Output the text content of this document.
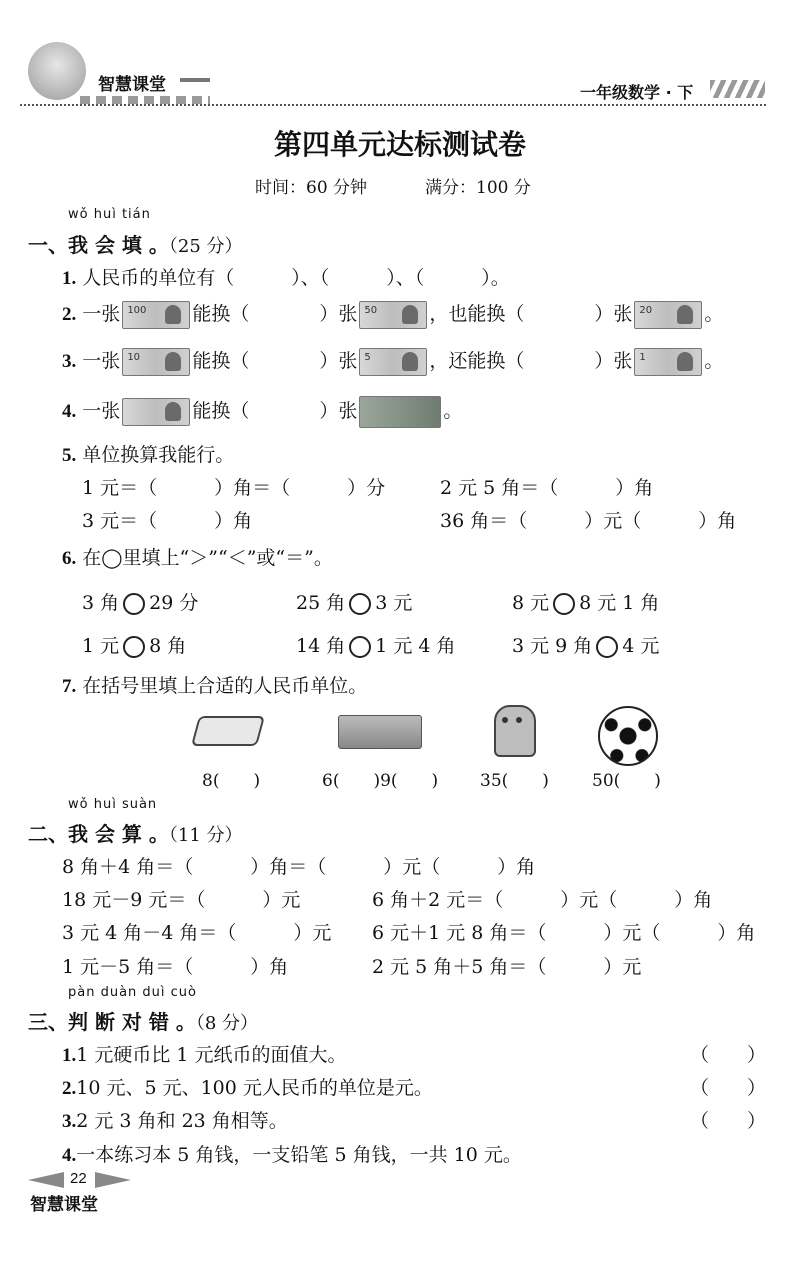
智慧课堂	一年级数学 · 下
第四单元达标测试卷
时间：60 分钟	满分：100 分
wǒ huì tián
一、我 会 填 。（25 分）
1. 人民币的单位有（　　　）、（　　　）、（　　　）。
2. 一张 100 能换（	）张 50	，也能换（	）张 20	。
3. 一张 10	能换（	）张 5	，还能换（	）张 1	。
4. 一张	能换（	）张	。
5. 单位换算我能行。
1 元＝（　　　）角＝（　　　）分	2 元 5 角＝（　　　）角
3 元＝（　　　）角	36 角＝（　　　）元（　　　）角
6. 在◯里填上“＞”“＜”或“＝”。
3 角 29 分	25 角 3 元	8 元 8 元 1 角
1 元 8 角	14 角 1 元 4 角	3 元 9 角 4 元
7. 在括号里填上合适的人民币单位。
8(　　)	6(　　)9(　　) 35(　　)	50(　　)
wǒ huì suàn
二、我 会 算 。（11 分）
8 角＋4 角＝（　　　）角＝（　　　）元（　　　）角
18 元－9 元＝（　　　）元	6 角＋2 元＝（　　　）元（　　　）角
3 元 4 角－4 角＝（　　　）元 6 元＋1 元 8 角＝（　　　）元（　　　）角
1 元－5 角＝（　　　）角	2 元 5 角＋5 角＝（　　　）元
pàn duàn duì cuò
三、判 断 对 错 。（8 分）
1.1 元硬币比 1 元纸币的面值大。	（　　）
2.10 元、5 元、100 元人民币的单位是元。	（　　）
3.2 元 3 角和 23 角相等。	（　　）
4.一本练习本 5 角钱，一支铅笔 5 角钱，一共 10 元。
22
智慧课堂
